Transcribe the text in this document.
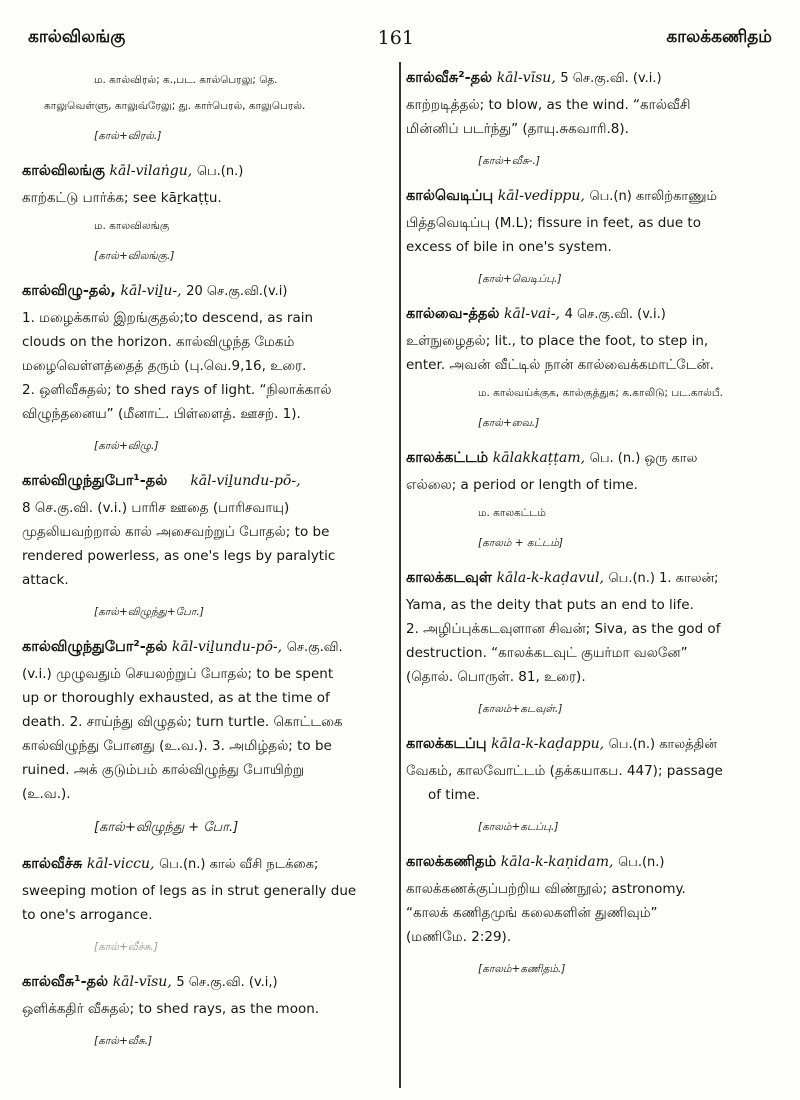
கால்விலங்கு	161	காலக்கணிதம்

ம. கால்விரல்; க.,பட. கால்பெரலு; தெ.

காலுவெள்ளு, காலுவ்ரேலு; து. கார்பெரல், காலுபெரல்.

[கால்+விரல்.]

கால்விலங்கு kāl-vilaṅgu, பெ.(n.)

காற்கட்டு பார்க்க; see kāṟkaṭṭu.

ம. காலவிலங்கு

[கால்+விலங்கு.]

கால்விழு-தல், kāl-viḻu-, 20 செ.கு.வி.(v.i)

1. மழைக்கால் இறங்குதல்;to descend, as rain

clouds on the horizon. கால்விழுந்த மேகம்

மழைவெள்ளத்தைத் தரும் (பு.வெ.9,16, உரை.

2. ஒளிவீசுதல்; to shed rays of light. “நிலாக்கால்

விழுந்தனைய” (மீனாட். பிள்ளைத். ஊசற். 1).

[கால்+விழு.]

கால்விழுந்துபோ¹-தல் kāl-viḻundu-pō-,

8 செ.கு.வி. (v.i.) பாரிச ஊதை (பாரிசவாயு)

முதலியவற்றால் கால் அசைவற்றுப் போதல்; to be

rendered powerless, as one's legs by paralytic

attack.

[கால்+விழுந்து+போ.]

கால்விழுந்துபோ²-தல் kāl-viḻundu-pō-, செ.கு.வி.

(v.i.) முழுவதும் செயலற்றுப் போதல்; to be spent

up or thoroughly exhausted, as at the time of

death. 2. சாய்ந்து விழுதல்; turn turtle. கொட்டகை

கால்விழுந்து போனது (உ.வ.). 3. அமிழ்தல்; to be

ruined. அக் குடும்பம் கால்விழுந்து போயிற்று

(உ.வ.).

[கால்+விழுந்து + போ.]

கால்வீச்சு kāl-viccu, பெ.(n.) கால் வீசி நடக்கை;

sweeping motion of legs as in strut generally due

to one's arrogance.

[கால்+வீச்சு.]

கால்வீசு¹-தல் kāl-vīsu, 5 செ.கு.வி. (v.i,)

ஒளிக்கதிர் வீசுதல்; to shed rays, as the moon.

[கால்+வீசு.]

கால்வீசு²-தல் kāl-vīsu, 5 செ.கு.வி. (v.i.)

காற்றடித்தல்; to blow, as the wind. “கால்வீசி

மின்னிப் படர்ந்து” (தாயு.சுகவாரி.8).

[கால்+வீசு-.]

கால்வெடிப்பு kāl-vedippu, பெ.(n) காலிற்காணும்

பித்தவெடிப்பு (M.L); fissure in feet, as due to

excess of bile in one's system.

[கால்+வெடிப்பு.]

கால்வை-த்தல் kāl-vai-, 4 செ.கு.வி. (v.i.)

உள்நுழைதல்; lit., to place the foot, to step in,

enter. அவன் வீட்டில் நான் கால்வைக்கமாட்டேன்.

ம. கால்வய்க்குக, கால்குத்துக; க.காலிடு; பட.கால்பீ.

[கால்+வை.]

காலக்கட்டம் kālakkaṭṭam, பெ. (n.) ஒரு கால

எல்லை; a period or length of time.

ம. காலகட்டம்

[காலம் + கட்டம்]

காலக்கடவுள் kāla-k-kaḍavul, பெ.(n.) 1. காலன்;

Yama, as the deity that puts an end to life.

2. அழிப்புக்கடவுளான சிவன்; Siva, as the god of

destruction. “காலக்கடவுட் குயர்மா வலனே”

(தொல். பொருள். 81, உரை).

[காலம்+கடவுள்.]

காலக்கடப்பு kāla-k-kaḍappu, பெ.(n.) காலத்தின்

வேகம், காலவோட்டம் (தக்கயாகப. 447); passage

of time.

[காலம்+கடப்பு.]

காலக்கணிதம் kāla-k-kaṇidam, பெ.(n.)

காலக்கணக்குப்பற்றிய விண்நூல்; astronomy.

“காலக் கணிதமுங் கலைகளின் துணிவும்”

(மணிமே. 2:29).

[காலம்+கணிதம்.]
